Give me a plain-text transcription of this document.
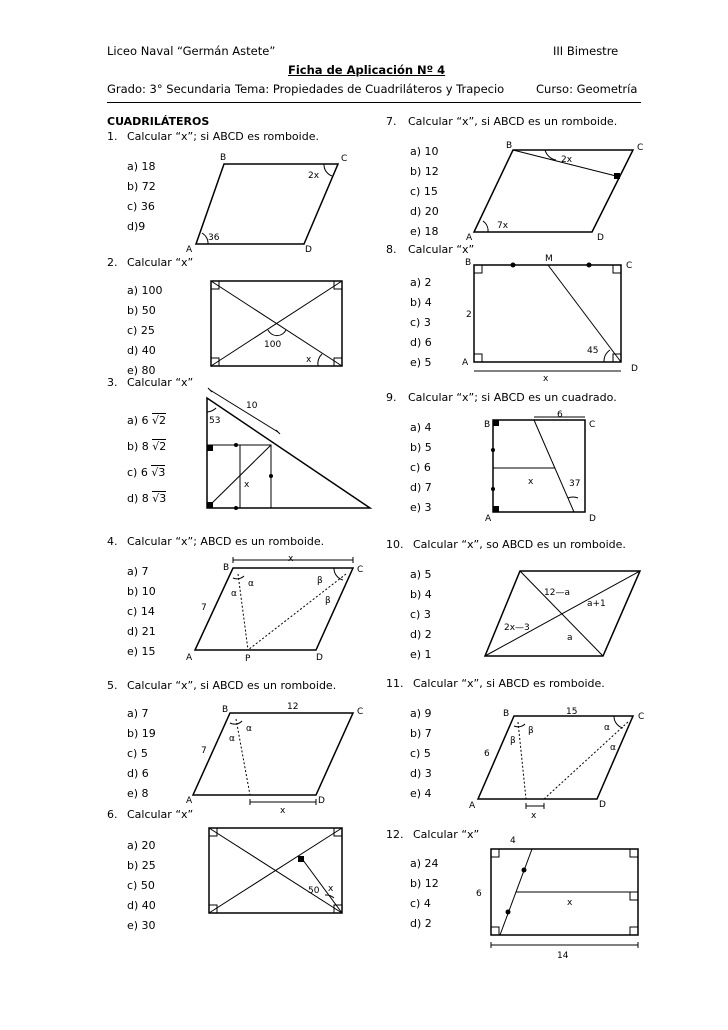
Liceo Naval “Germán Astete”	III Bimestre
Ficha de Aplicación Nº 4
Grado: 3° Secundaria Tema: Propiedades de Cuadriláteros y Trapecio	Curso: Geometría
CUADRILÁTEROS
1. Calcular “x”; si ABCD es romboide.
a) 18
b) 72
c) 36
d)9
B	C
A	D
2x
36
2. Calcular “x”
a) 100
b) 50
c) 25
d) 40
e) 80
100
x
3. Calcular “x”
a) 6 √2
b) 8 √2
c) 6 √3
d) 8 √3
10
53
x
4. Calcular “x”; ABCD es un romboide.
a) 7
b) 10
c) 14
d) 21
e) 15
x
B	C
A	P	D
7
α
α
β
β
5. Calcular “x”, si ABCD es un romboide.
a) 7
b) 19
c) 5
d) 6
e) 8
12
B	C
A	D
7
x
α
α
6. Calcular “x”
a) 20
b) 25
c) 50
d) 40
e) 30
50 x
7. Calcular “x”, si ABCD es un romboide.
a) 10
b) 12
c) 15
d) 20
e) 18
B	C
A	D
2x
7x
8. Calcular “x”
a) 2
b) 4
c) 3
d) 6
e) 5
B	M
C
A
D
2
45
x
9. Calcular “x”; si ABCD es un cuadrado.
a) 4
b) 5
c) 6
d) 7
e) 3
6
B	C
A	D
x	37
10. Calcular “x”, so ABCD es un romboide.
a) 5
b) 4
c) 3
d) 2
e) 1
12—a
a+1
2x—3
a
11. Calcular “x”, si ABCD es romboide.
a) 9
b) 7
c) 5
d) 3
e) 4
15
B	C
A	D
6
x
β
β
α
α
12. Calcular “x”
a) 24
b) 12
c) 4
d) 2
4
6
x
14
